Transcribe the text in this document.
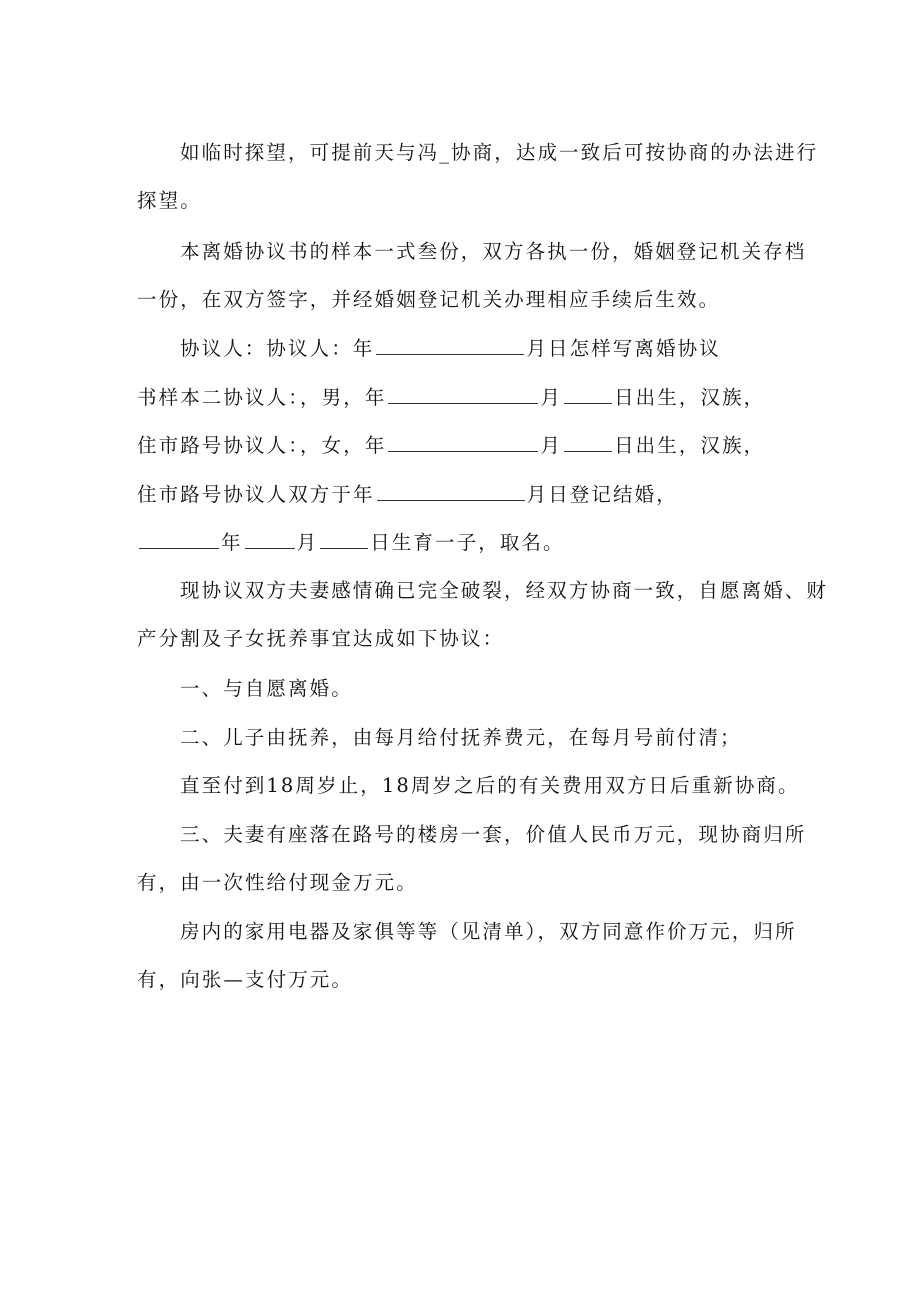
如临时探望，可提前天与冯_协商，达成一致后可按协商的办法进行
探望。
本离婚协议书的样本一式叁份，双方各执一份，婚姻登记机关存档
一份，在双方签字，并经婚姻登记机关办理相应手续后生效。
协议人：协议人：年	月日怎样写离婚协议
书样本二协议人：，男，年	月	日出生，汉族，
住市路号协议人：，女，年	月	日出生，汉族，
住市路号协议人双方于年	月日登记结婚，
年	月	日生育一子，取名。
现协议双方夫妻感情确已完全破裂，经双方协商一致，自愿离婚、财
产分割及子女抚养事宜达成如下协议：
一、与自愿离婚。
二、儿子由抚养，由每月给付抚养费元，在每月号前付清；
直至付到18周岁止，18周岁之后的有关费用双方日后重新协商。
三、夫妻有座落在路号的楼房一套，价值人民币万元，现协商归所
有，由一次性给付现金万元。
房内的家用电器及家俱等等（见清单），双方同意作价万元，归所
有，向张—支付万元。
